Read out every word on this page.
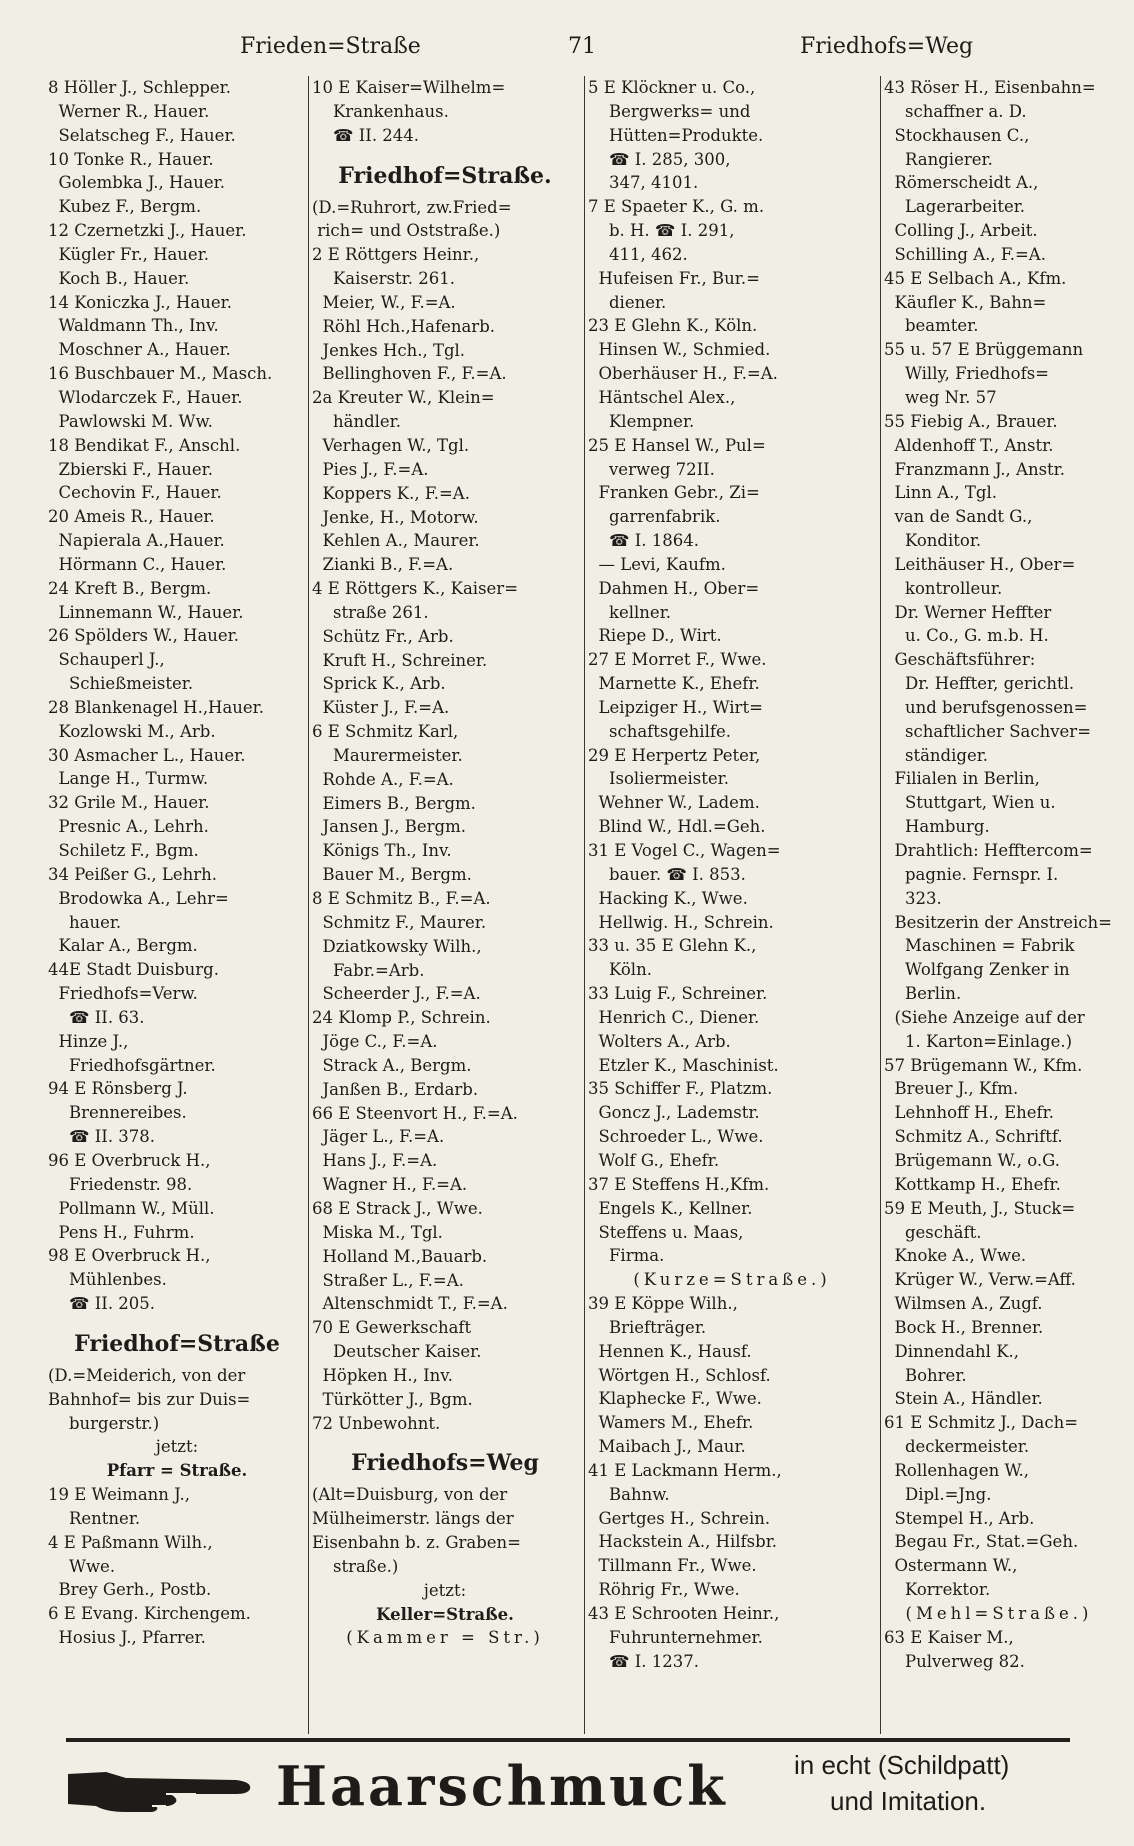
Frieden=Straße	71	Friedhofs=Weg

8 Höller J., Schlepper.

Werner R., Hauer.

Selatscheg F., Hauer.

10 Tonke R., Hauer.

Golembka J., Hauer.

Kubez F., Bergm.

12 Czernetzki J., Hauer.

Kügler Fr., Hauer.

Koch B., Hauer.

14 Koniczka J., Hauer.

Waldmann Th., Inv.

Moschner A., Hauer.

16 Buschbauer M., Masch.

Wlodarczek F., Hauer.

Pawlowski M. Ww.

18 Bendikat F., Anschl.

Zbierski F., Hauer.

Cechovin F., Hauer.

20 Ameis R., Hauer.

Napierala A.,Hauer.

Hörmann C., Hauer.

24 Kreft B., Bergm.

Linnemann W., Hauer.

26 Spölders W., Hauer.

Schauperl J.,

Schießmeister.

28 Blankenagel H.,Hauer.

Kozlowski M., Arb.

30 Asmacher L., Hauer.

Lange H., Turmw.

32 Grile M., Hauer.

Presnic A., Lehrh.

Schiletz F., Bgm.

34 Peißer G., Lehrh.

Brodowka A., Lehr=

hauer.

Kalar A., Bergm.

44E Stadt Duisburg.

Friedhofs=Verw.

☎ II. 63.

Hinze J.,

Friedhofsgärtner.

94 E Rönsberg J.

Brennereibes.

☎ II. 378.

96 E Overbruck H.,

Friedenstr. 98.

Pollmann W., Müll.

Pens H., Fuhrm.

98 E Overbruck H.,

Mühlenbes.

☎ II. 205.

Friedhof=Straße

(D.=Meiderich, von der

Bahnhof= bis zur Duis=

burgerstr.)

jetzt:

Pfarr = Straße.

19 E Weimann J.,

Rentner.

4 E Paßmann Wilh.,

Wwe.

Brey Gerh., Postb.

6 E Evang. Kirchengem.

Hosius J., Pfarrer.

10 E Kaiser=Wilhelm=

Krankenhaus.

☎ II. 244.

Friedhof=Straße.

(D.=Ruhrort, zw.Fried=

rich= und Oststraße.)

2 E Röttgers Heinr.,

Kaiserstr. 261.

Meier, W., F.=A.

Röhl Hch.,Hafenarb.

Jenkes Hch., Tgl.

Bellinghoven F., F.=A.

2a Kreuter W., Klein=

händler.

Verhagen W., Tgl.

Pies J., F.=A.

Koppers K., F.=A.

Jenke, H., Motorw.

Kehlen A., Maurer.

Zianki B., F.=A.

4 E Röttgers K., Kaiser=

straße 261.

Schütz Fr., Arb.

Kruft H., Schreiner.

Sprick K., Arb.

Küster J., F.=A.

6 E Schmitz Karl,

Maurermeister.

Rohde A., F.=A.

Eimers B., Bergm.

Jansen J., Bergm.

Königs Th., Inv.

Bauer M., Bergm.

8 E Schmitz B., F.=A.

Schmitz F., Maurer.

Dziatkowsky Wilh.,

Fabr.=Arb.

Scheerder J., F.=A.

24 Klomp P., Schrein.

Jöge C., F.=A.

Strack A., Bergm.

Janßen B., Erdarb.

66 E Steenvort H., F.=A.

Jäger L., F.=A.

Hans J., F.=A.

Wagner H., F.=A.

68 E Strack J., Wwe.

Miska M., Tgl.

Holland M.,Bauarb.

Straßer L., F.=A.

Altenschmidt T., F.=A.

70 E Gewerkschaft

Deutscher Kaiser.

Höpken H., Inv.

Türkötter J., Bgm.

72 Unbewohnt.

Friedhofs=Weg

(Alt=Duisburg, von der

Mülheimerstr. längs der

Eisenbahn b. z. Graben=

straße.)

jetzt:

Keller=Straße.

(Kammer = Str.)

5 E Klöckner u. Co.,

Bergwerks= und

Hütten=Produkte.

☎ I. 285, 300,

347, 4101.

7 E Spaeter K., G. m.

b. H. ☎ I. 291,

411, 462.

Hufeisen Fr., Bur.=

diener.

23 E Glehn K., Köln.

Hinsen W., Schmied.

Oberhäuser H., F.=A.

Häntschel Alex.,

Klempner.

25 E Hansel W., Pul=

verweg 72II.

Franken Gebr., Zi=

garrenfabrik.

☎ I. 1864.

— Levi, Kaufm.

Dahmen H., Ober=

kellner.

Riepe D., Wirt.

27 E Morret F., Wwe.

Marnette K., Ehefr.

Leipziger H., Wirt=

schaftsgehilfe.

29 E Herpertz Peter,

Isoliermeister.

Wehner W., Ladem.

Blind W., Hdl.=Geh.

31 E Vogel C., Wagen=

bauer. ☎ I. 853.

Hacking K., Wwe.

Hellwig. H., Schrein.

33 u. 35 E Glehn K.,

Köln.

33 Luig F., Schreiner.

Henrich C., Diener.

Wolters A., Arb.

Etzler K., Maschinist.

35 Schiffer F., Platzm.

Goncz J., Lademstr.

Schroeder L., Wwe.

Wolf G., Ehefr.

37 E Steffens H.,Kfm.

Engels K., Kellner.

Steffens u. Maas,

Firma.

(Kurze=Straße.)

39 E Köppe Wilh.,

Briefträger.

Hennen K., Hausf.

Wörtgen H., Schlosf.

Klaphecke F., Wwe.

Wamers M., Ehefr.

Maibach J., Maur.

41 E Lackmann Herm.,

Bahnw.

Gertges H., Schrein.

Hackstein A., Hilfsbr.

Tillmann Fr., Wwe.

Röhrig Fr., Wwe.

43 E Schrooten Heinr.,

Fuhrunternehmer.

☎ I. 1237.

43 Röser H., Eisenbahn=

schaffner a. D.

Stockhausen C.,

Rangierer.

Römerscheidt A.,

Lagerarbeiter.

Colling J., Arbeit.

Schilling A., F.=A.

45 E Selbach A., Kfm.

Käufler K., Bahn=

beamter.

55 u. 57 E Brüggemann

Willy, Friedhofs=

weg Nr. 57

55 Fiebig A., Brauer.

Aldenhoff T., Anstr.

Franzmann J., Anstr.

Linn A., Tgl.

van de Sandt G.,

Konditor.

Leithäuser H., Ober=

kontrolleur.

Dr. Werner Heffter

u. Co., G. m.b. H.

Geschäftsführer:

Dr. Heffter, gerichtl.

und berufsgenossen=

schaftlicher Sachver=

ständiger.

Filialen in Berlin,

Stuttgart, Wien u.

Hamburg.

Drahtlich: Hefftercom=

pagnie. Fernspr. I.

323.

Besitzerin der Anstreich=

Maschinen = Fabrik

Wolfgang Zenker in

Berlin.

(Siehe Anzeige auf der

1. Karton=Einlage.)

57 Brügemann W., Kfm.

Breuer J., Kfm.

Lehnhoff H., Ehefr.

Schmitz A., Schriftf.

Brügemann W., o.G.

Kottkamp H., Ehefr.

59 E Meuth, J., Stuck=

geschäft.

Knoke A., Wwe.

Krüger W., Verw.=Aff.

Wilmsen A., Zugf.

Bock H., Brenner.

Dinnendahl K.,

Bohrer.

Stein A., Händler.

61 E Schmitz J., Dach=

deckermeister.

Rollenhagen W.,

Dipl.=Jng.

Stempel H., Arb.

Begau Fr., Stat.=Geh.

Ostermann W.,

Korrektor.

(Mehl=Straße.)

63 E Kaiser M.,

Pulverweg 82.

Haarschmuck	in echt (Schildpatt)
und Imitation.
